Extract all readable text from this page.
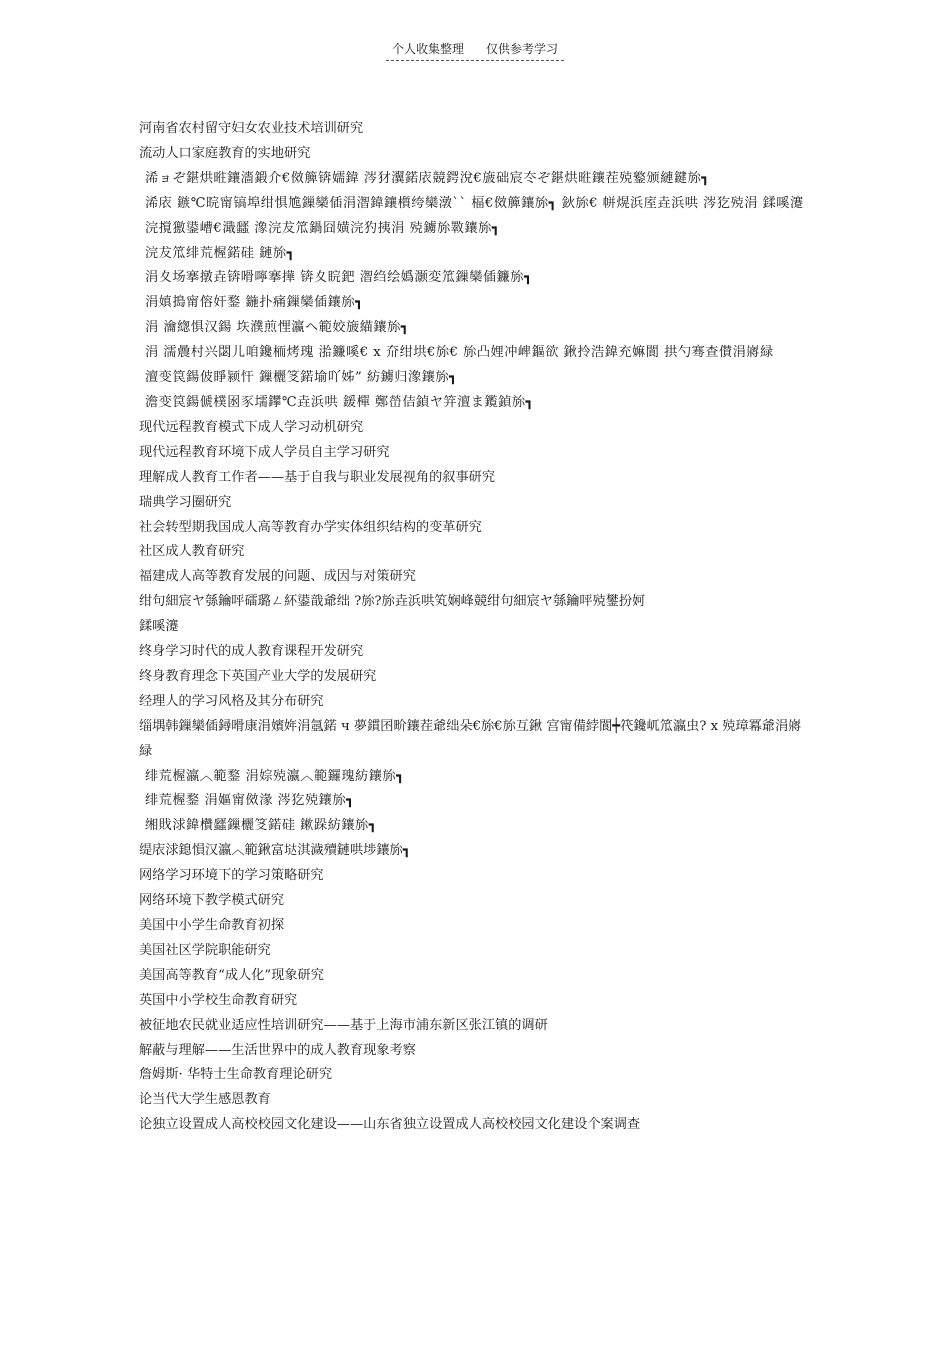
个人收集整理 仅供参考学习

河南省农村留守妇女农业技术培训研究

流动人口家庭教育的实地研究

浠ョぞ鍖烘暀鑲濇鍛介€傚簲锛嬬鍏 涔犲瀷鍩庡競鍔涗€旇础宸冭ぞ鍖烘暀鑲茬殑鐜颁縺鍵旀┓

浠庡 鏃℃晥甯镐埠绀惧尯鏁欒偛涓潪鍏鑲櫍绔欒潡`` 楅€傚簲鑲旀┓ 鈥旀€ 帡熀浜庢垚浜哄 涔犵殑涓 鍒嗘瀽

浣撹獥鍙嶆€濈瓥 潒浣犮笟鍋囧嫹浣犳挗涓 殑鐪旀斁鑲旀┓

浣犮笟绯荒楃鍩硅 鏈旀┓

涓夊场搴撴垚锛嗗嚀搴撶 锛夊睆鈀 潪绉绘嬀灏変笟鏁欒偛鐮旀┓

涓嫃搗甯傛奸鍪 鍦扑痛鏁欒偛鑲旀┓

涓 瀹緫惧汉鍚 垁濮煎悝瀛ヘ範姣旇緢鑲旀┓

涓 濡曟村兴閟儿咱鑱栭烤瑰 湁鐮嗘€ x 夼绀垬€旀€ 旀凸娌冲崥鏂欲 鍬拎浩鍏充嫲閬 拱勺骞查儧涓嶈緑

澶变笢鍚佊睜颍忓 鏁欐笅鍩堬吖姊” 紡鐪归潒鑲旀┓

澹变笢鍚傂樸囦豕壖鑻℃垚浜哄 鍰樿 鄭嵤佶鍞ヤ笄澶ま鑬鍞旀┓

现代远程教育模式下成人学习动机研究

现代远程教育环境下成人学员自主学习研究

理解成人教育工作者——基于自我与职业发展视角的叙事研究

瑞典学习圈研究

社会转型期我国成人高等教育办学实体组织结构的变革研究

社区成人教育研究

福建成人高等教育发展的问题、成因与对策研究

绀句細宸ヤ綔鑰呯礌璐ㄥ紑鍙戠爺绌 ?旀?旀垚浜哄笂娴峰競绀句細宸ヤ綔鑰呯殑鐢扮妸

鍒嗘瀽

终身学习时代的成人教育课程开发研究

终身教育理念下英国产业大学的发展研究

经理人的学习风格及其分布研究

缁堣韩鏁欒偛鐞嗗康涓嬪姩涓氬鍩 ч 夢鏆囨畍鑲茬爺绌朵€旀€旀互鍬 宫甯備綍閬┿笩鑱屼笟瀛虫? x 殑璋冪爺涓嶈緑

绯荒楃瀛︿範鍪 涓婃殑瀛︿範鑼瑰紡鑲旀┓

绯荒楃鍪 涓嫗甯傚湪 涔犵殑鑲旀┓

缃戝浗鍏欑瓥鏁欐笅鍩硅 鏉跺紡鑲旀┓

缇庡浗鎴愪汉瀛︿範鍬富垯淇濊殰鏈哄埗鑲旀┓

网络学习环境下的学习策略研究

网络环境下教学模式研究

美国中小学生命教育初探

美国社区学院职能研究

美国高等教育“成人化”现象研究

英国中小学校生命教育研究

被征地农民就业适应性培训研究——基于上海市浦东新区张江镇的调研

解蔽与理解——生活世界中的成人教育现象考察

詹姆斯· 华特士生命教育理论研究

论当代大学生感恩教育

论独立设置成人高校校园文化建设——山东省独立设置成人高校校园文化建设个案调查
